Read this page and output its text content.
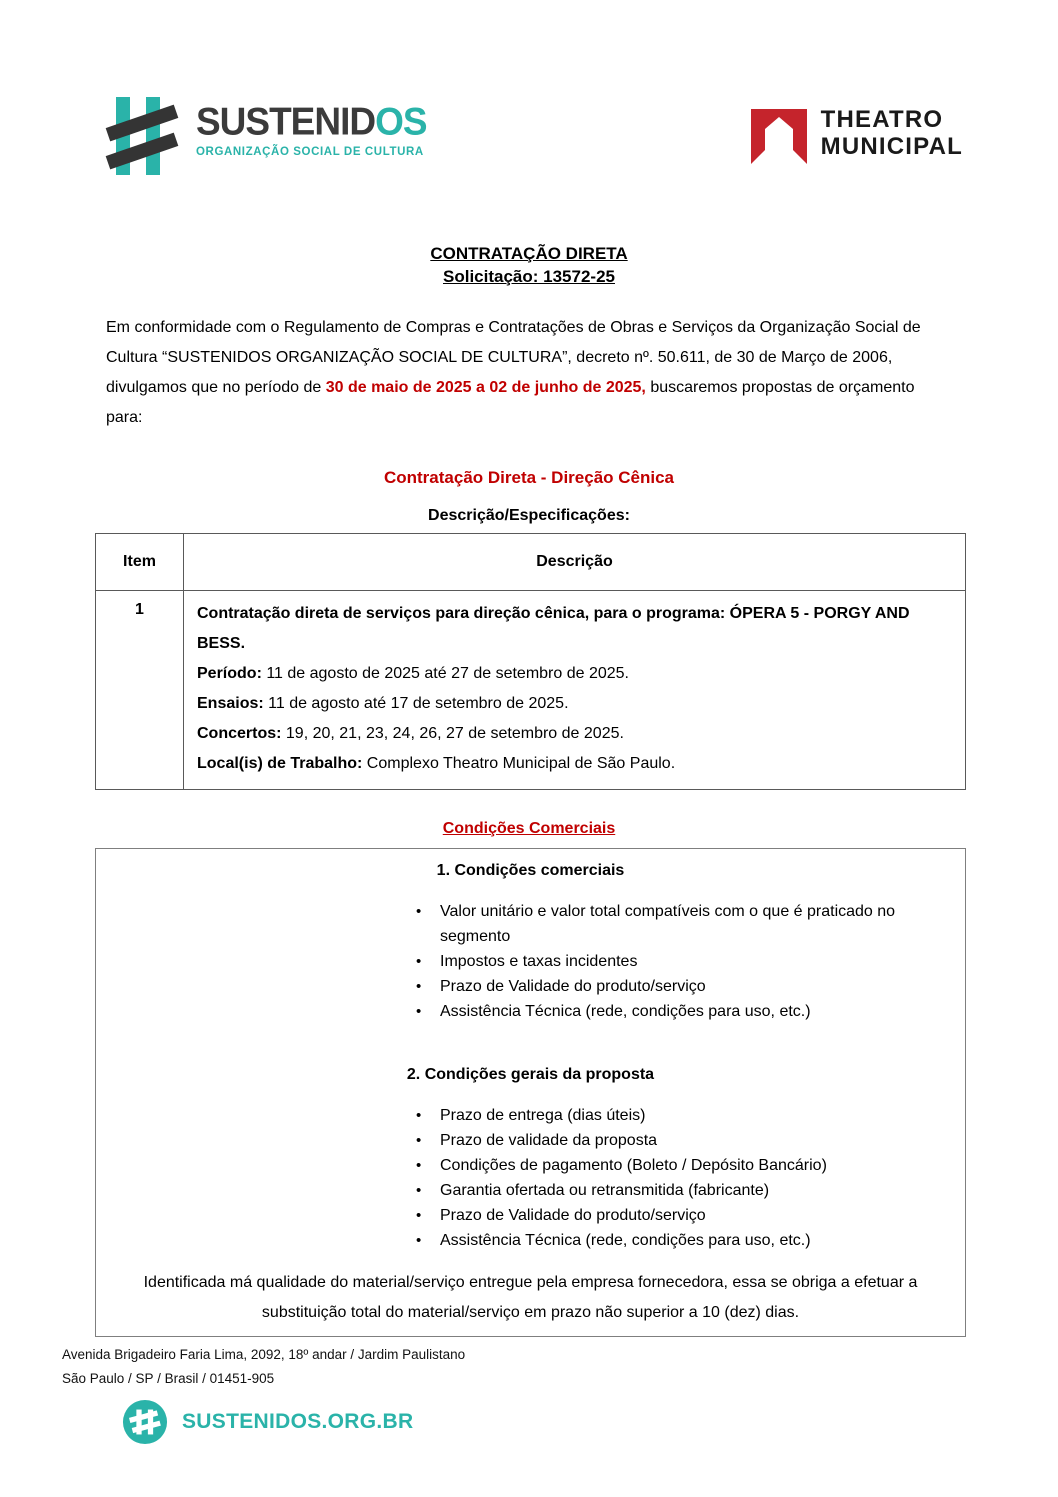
SUSTENIDOS
ORGANIZAÇÃO SOCIAL DE CULTURA
THEATRO
MUNICIPAL
CONTRATAÇÃO DIRETA
Solicitação: 13572-25

Em conformidade com o Regulamento de Compras e Contratações de Obras e Serviços da Organização Social de Cultura “SUSTENIDOS ORGANIZAÇÃO SOCIAL DE CULTURA”, decreto nº. 50.611, de 30 de Março de 2006, divulgamos que no período de 30 de maio de 2025 a 02 de junho de 2025, buscaremos propostas de orçamento para:

Contratação Direta - Direção Cênica
Descrição/Especificações:
Item	Descrição
1	Contratação direta de serviços para direção cênica, para o programa: ÓPERA 5 - PORGY AND BESS.
Período: 11 de agosto de 2025 até 27 de setembro de 2025.
Ensaios: 11 de agosto até 17 de setembro de 2025.
Concertos: 19, 20, 21, 23, 24, 26, 27 de setembro de 2025.
Local(is) de Trabalho: Complexo Theatro Municipal de São Paulo.
Condições Comerciais
1. Condições comerciais
• Valor unitário e valor total compatíveis com o que é praticado no segmento
• Impostos e taxas incidentes
• Prazo de Validade do produto/serviço
• Assistência Técnica (rede, condições para uso, etc.)
2. Condições gerais da proposta
• Prazo de entrega (dias úteis)
• Prazo de validade da proposta
• Condições de pagamento (Boleto / Depósito Bancário)
• Garantia ofertada ou retransmitida (fabricante)
• Prazo de Validade do produto/serviço
• Assistência Técnica (rede, condições para uso, etc.)

Identificada má qualidade do material/serviço entregue pela empresa fornecedora, essa se obriga a efetuar a substituição total do material/serviço em prazo não superior a 10 (dez) dias.

Avenida Brigadeiro Faria Lima, 2092, 18º andar / Jardim Paulistano
São Paulo / SP / Brasil / 01451-905
SUSTENIDOS.ORG.BR
